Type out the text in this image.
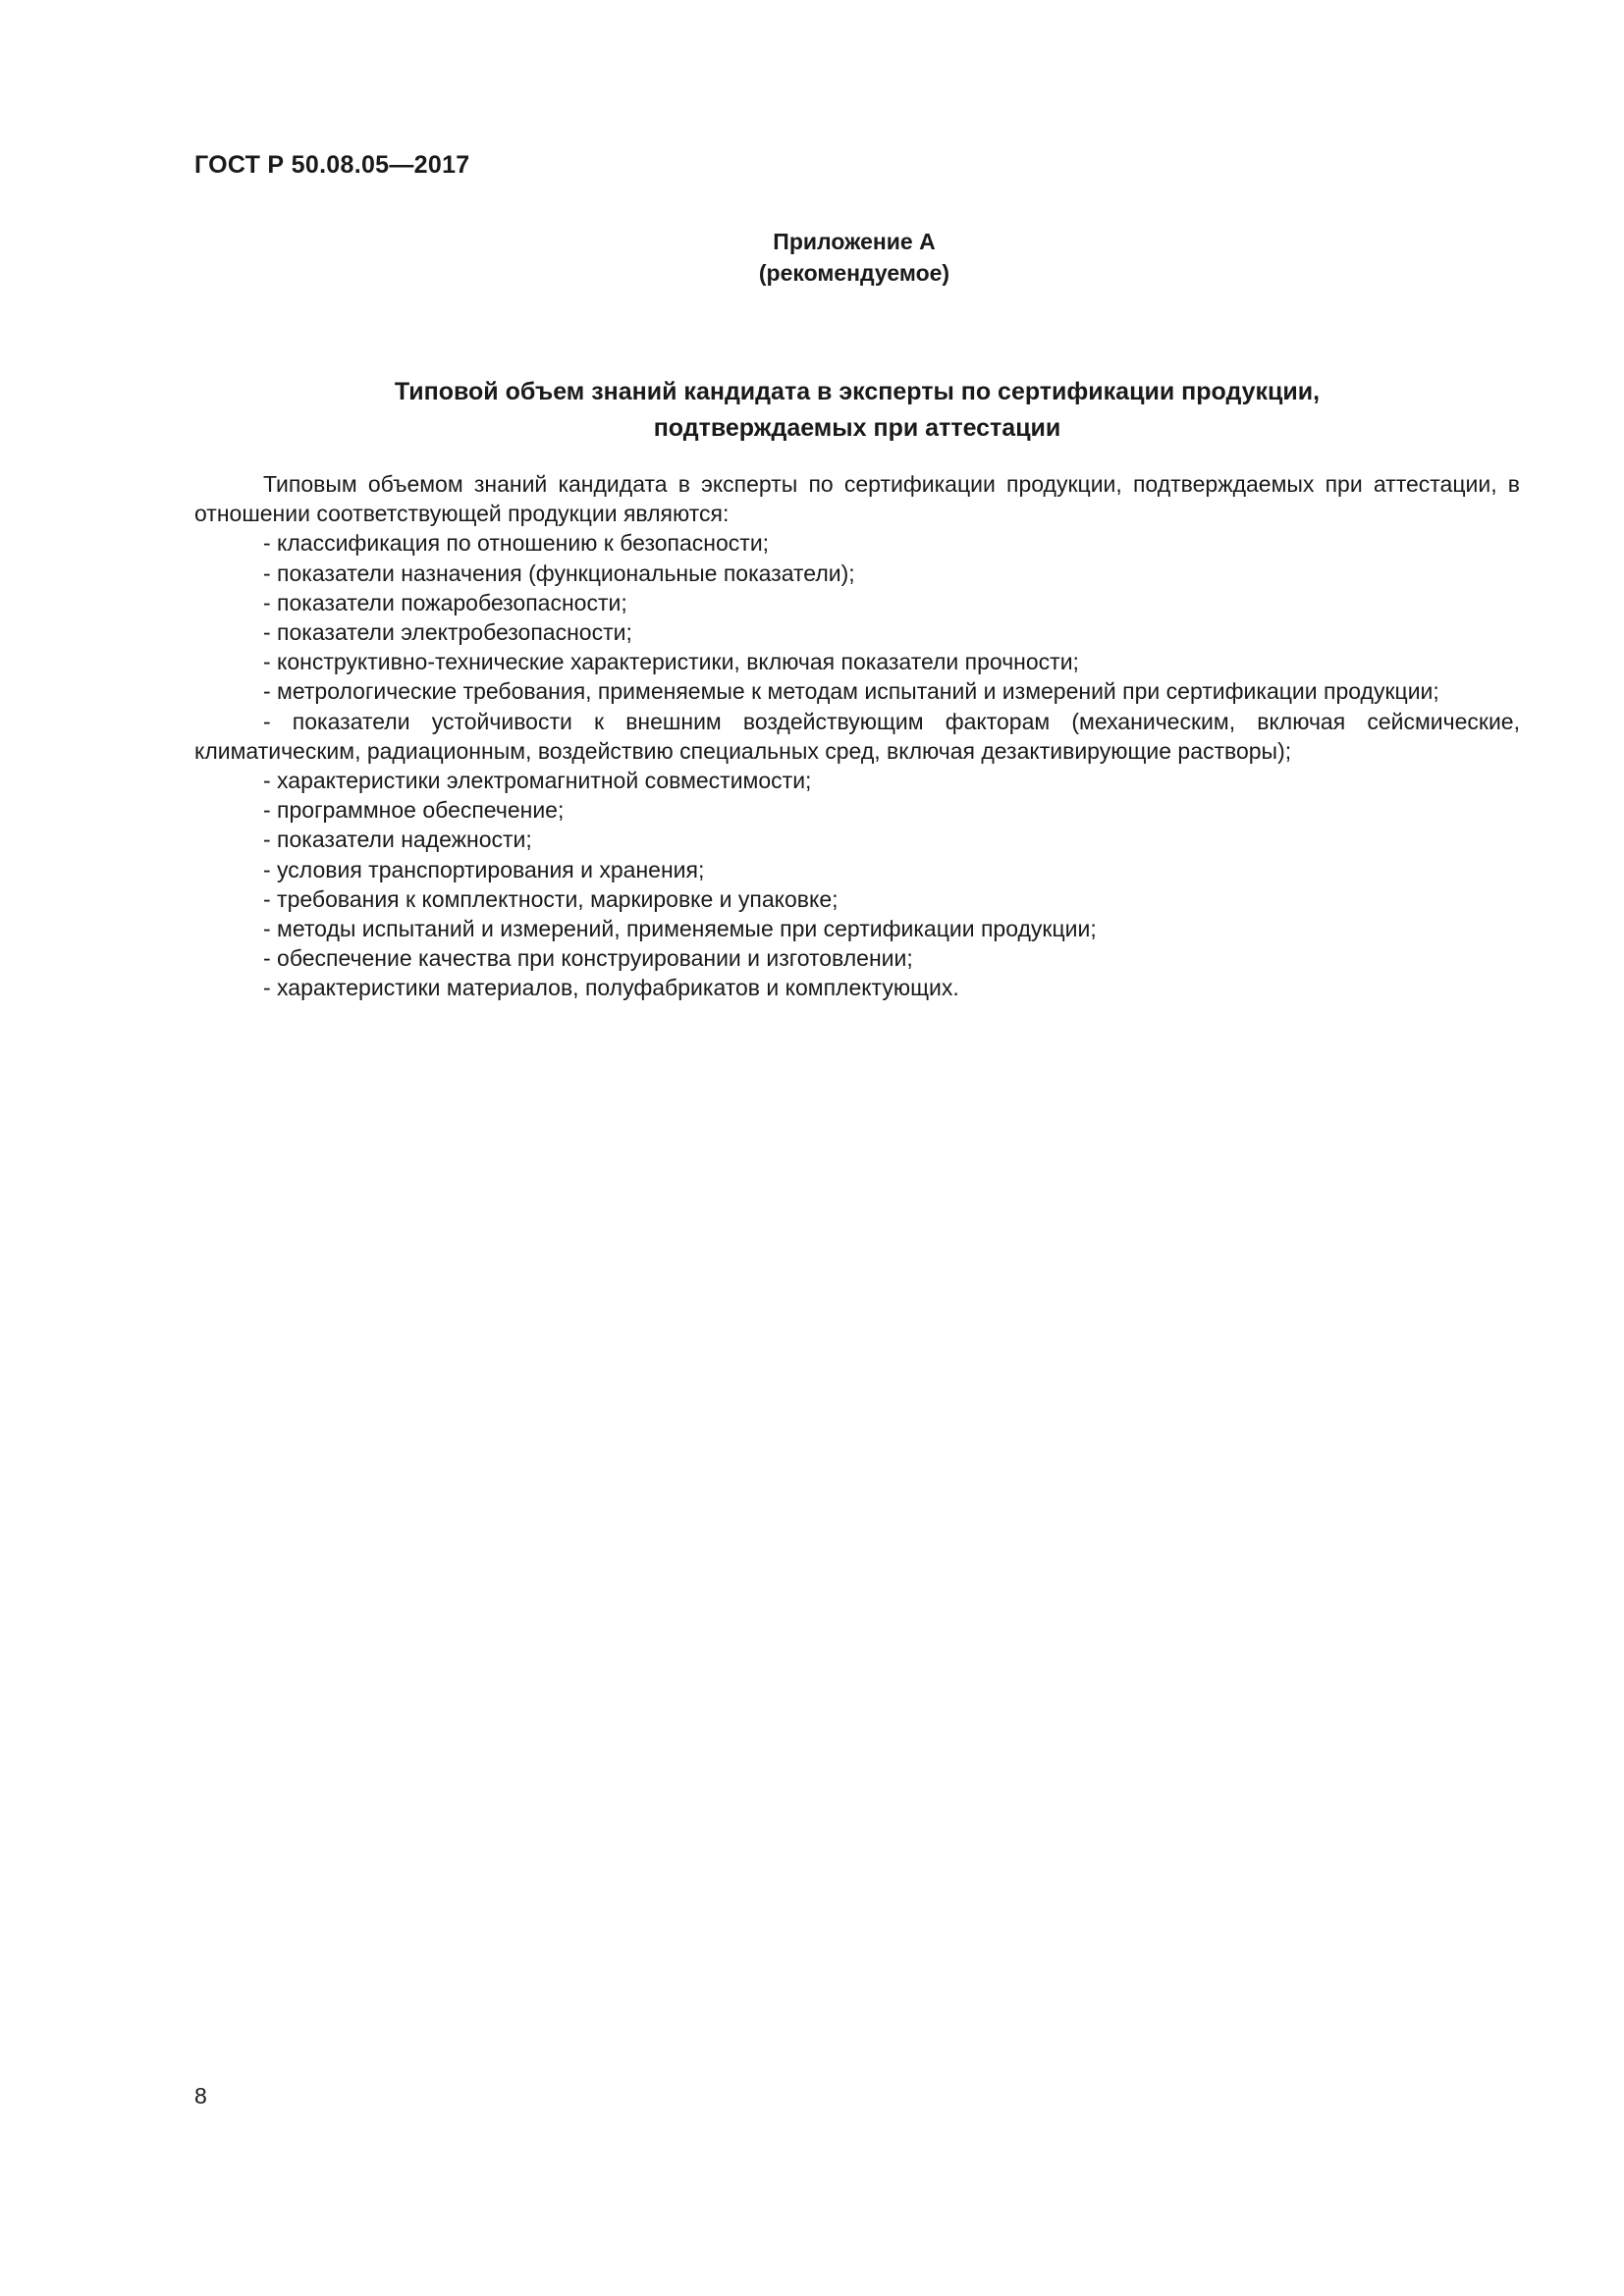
ГОСТ Р 50.08.05—2017
Приложение А
(рекомендуемое)
Типовой объем знаний кандидата в эксперты по сертификации продукции,
подтверждаемых при аттестации

Типовым объемом знаний кандидата в эксперты по сертификации продукции, подтверждаемых при аттестации, в отношении соответствующей продукции являются:

- классификация по отношению к безопасности;
- показатели назначения (функциональные показатели);
- показатели пожаробезопасности;
- показатели электробезопасности;
- конструктивно-технические характеристики, включая показатели прочности;
- метрологические требования, применяемые к методам испытаний и измерений при сертификации продукции;
- показатели устойчивости к внешним воздействующим факторам (механическим, включая сейсмические, климатическим, радиационным, воздействию специальных сред, включая дезактивирующие растворы);
- характеристики электромагнитной совместимости;
- программное обеспечение;
- показатели надежности;
- условия транспортирования и хранения;
- требования к комплектности, маркировке и упаковке;
- методы испытаний и измерений, применяемые при сертификации продукции;
- обеспечение качества при конструировании и изготовлении;
- характеристики материалов, полуфабрикатов и комплектующих.
8
